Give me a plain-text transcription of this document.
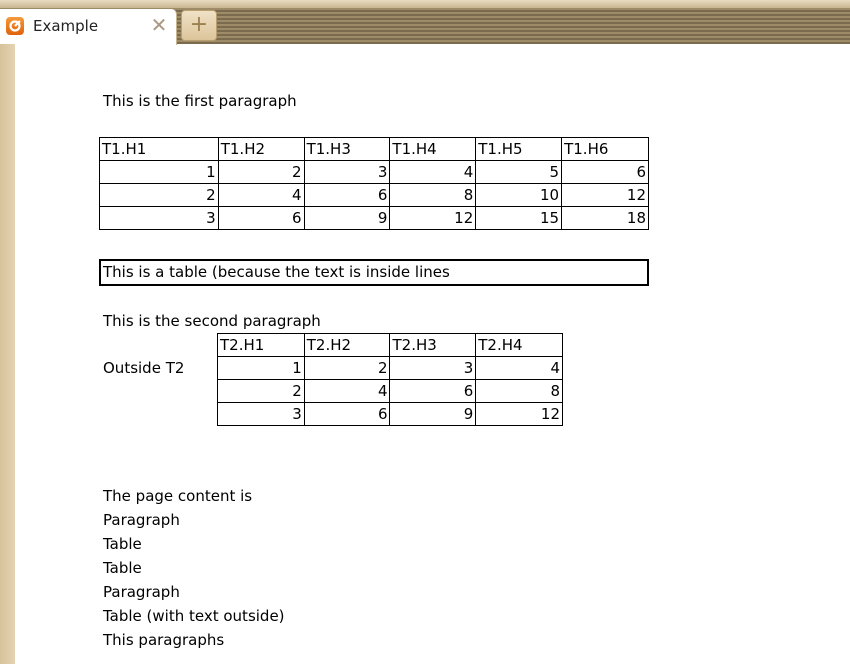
Example	✕	+
This is the first paragraph
T1.H1	T1.H2	T1.H3	T1.H4	T1.H5	T1.H6
1	2	3	4	5	6
2	4	6	8	10	12
3	6	9	12	15	18
This is a table (because the text is inside lines
This is the second paragraph
Outside T2
T2.H1	T2.H2	T2.H3	T2.H4
1	2	3	4
2	4	6	8
3	6	9	12
The page content is
Paragraph
Table
Table
Paragraph
Table (with text outside)
This paragraphs
